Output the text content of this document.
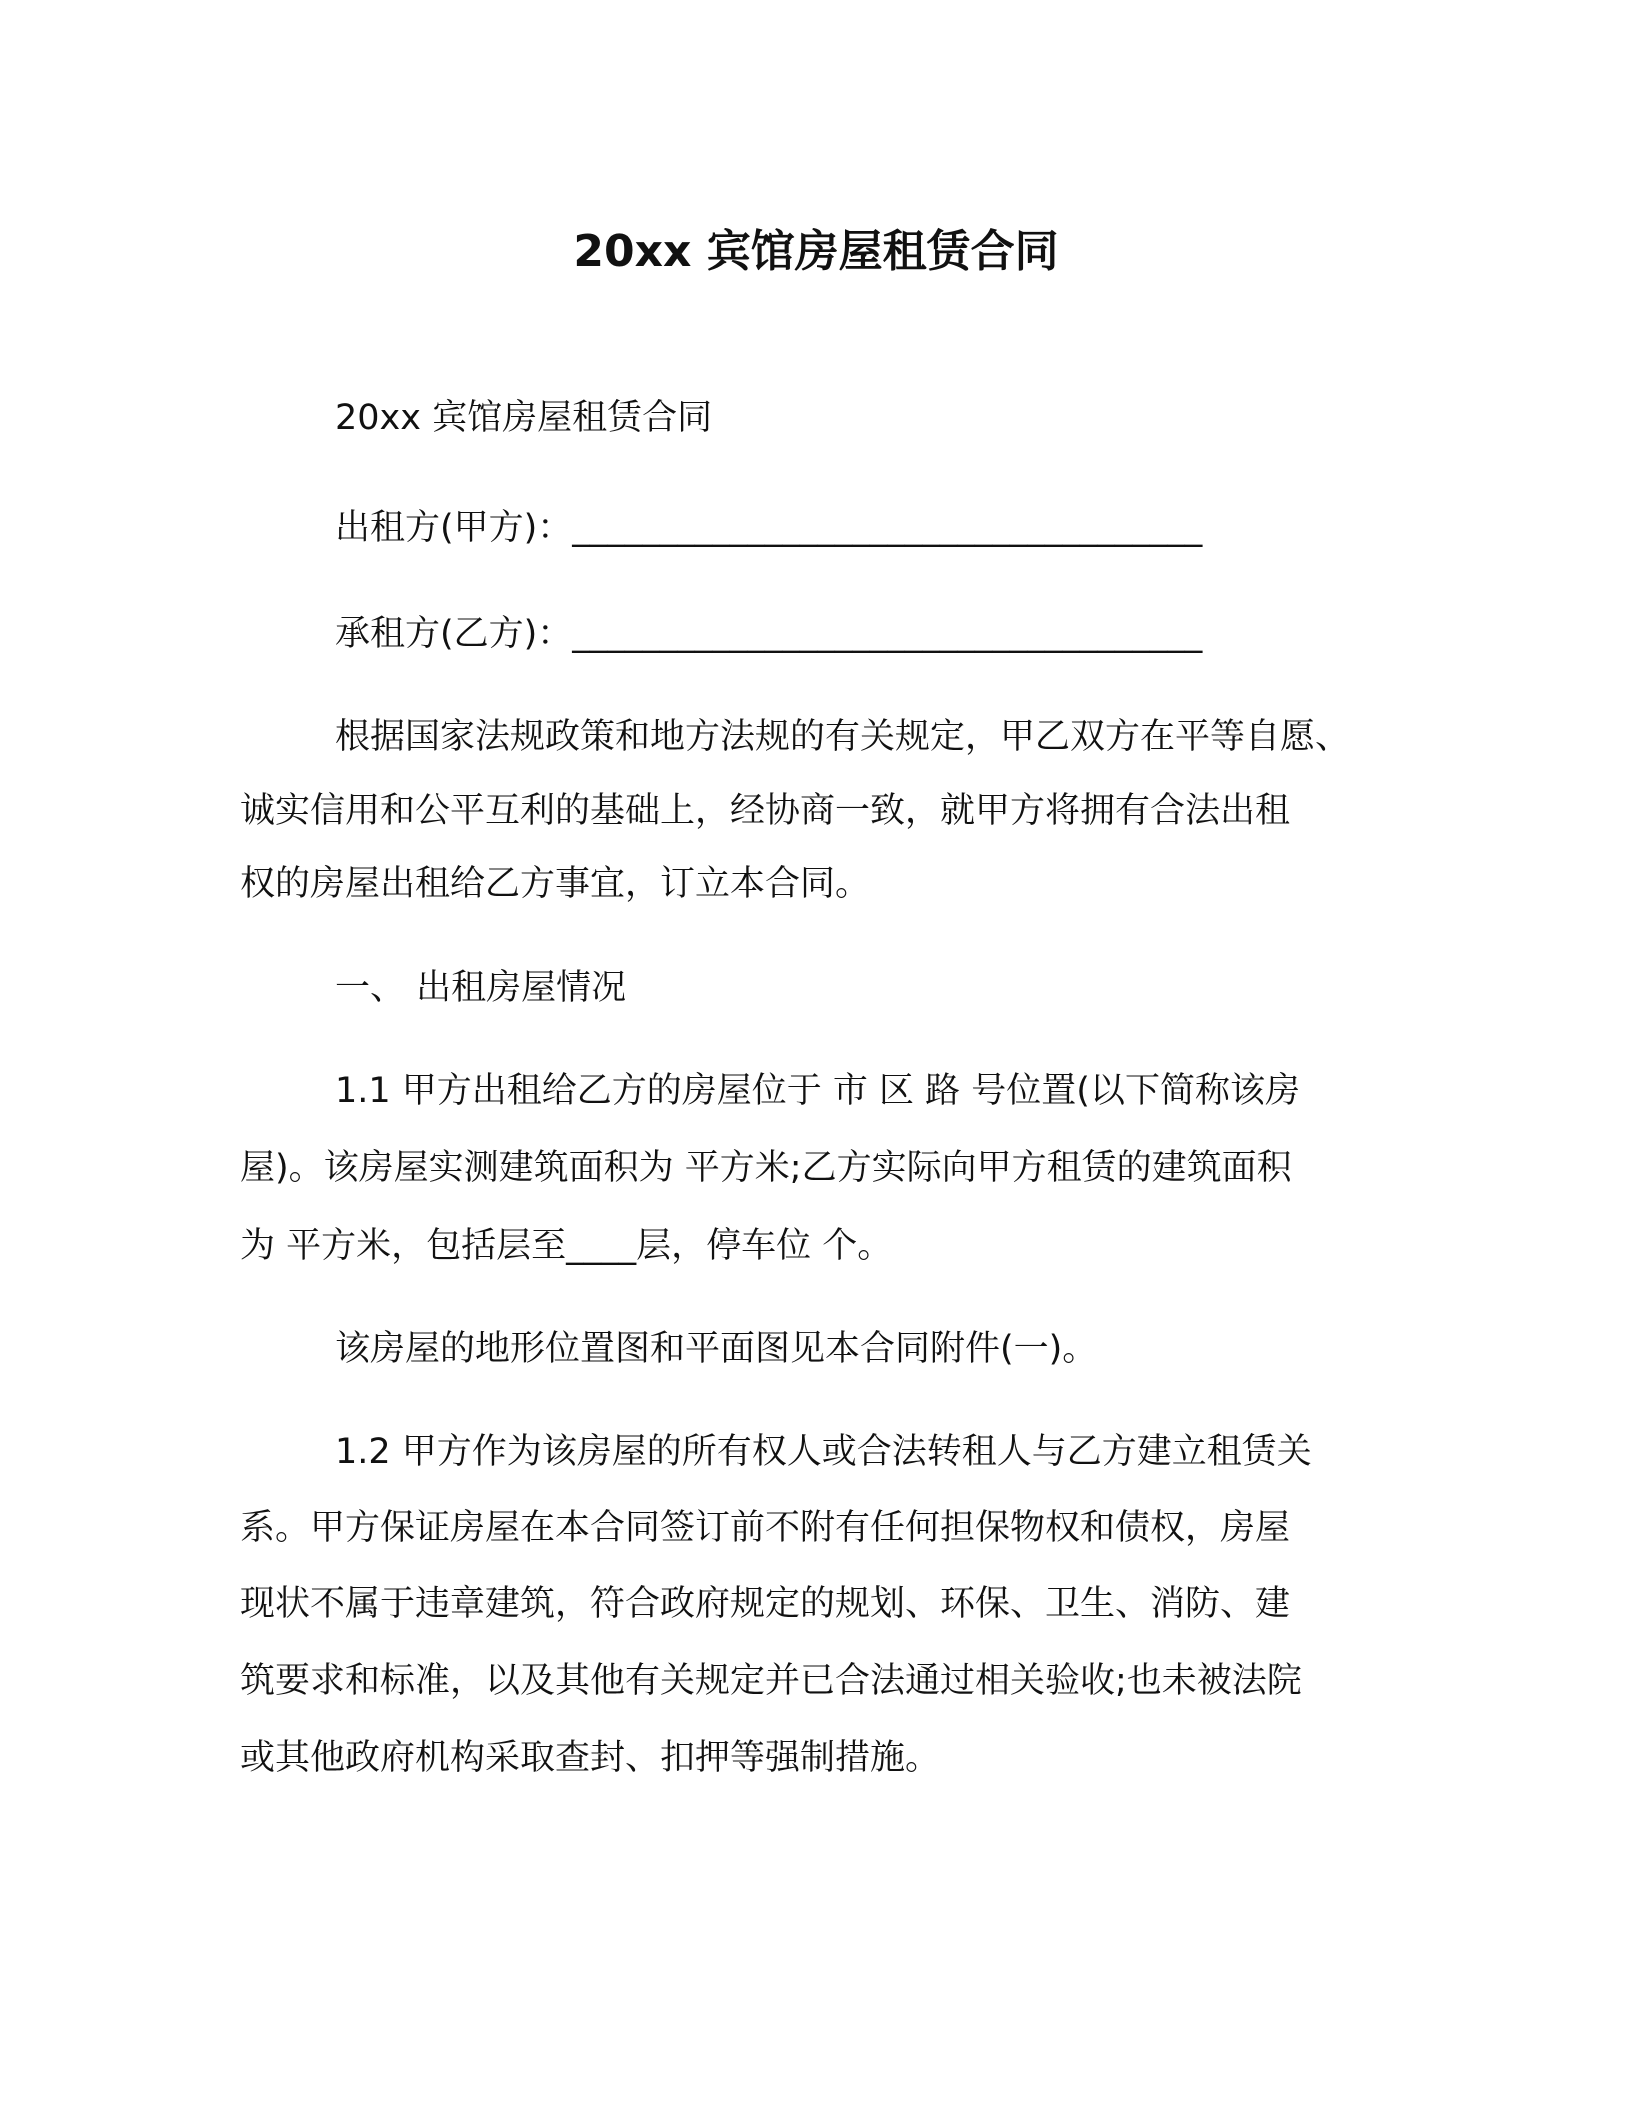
20xx 宾馆房屋租赁合同

20xx 宾馆房屋租赁合同

出租方(甲方)：____________________________________

承租方(乙方)：____________________________________

根据国家法规政策和地方法规的有关规定，甲乙双方在平等自愿、

诚实信用和公平互利的基础上，经协商一致，就甲方将拥有合法出租

权的房屋出租给乙方事宜，订立本合同。

一、 出租房屋情况

1.1 甲方出租给乙方的房屋位于 市 区 路 号位置(以下简称该房

屋)。该房屋实测建筑面积为 平方米;乙方实际向甲方租赁的建筑面积

为 平方米，包括层至____层，停车位 个。

该房屋的地形位置图和平面图见本合同附件(一)。

1.2 甲方作为该房屋的所有权人或合法转租人与乙方建立租赁关

系。甲方保证房屋在本合同签订前不附有任何担保物权和债权，房屋

现状不属于违章建筑，符合政府规定的规划、环保、卫生、消防、建

筑要求和标准，以及其他有关规定并已合法通过相关验收;也未被法院

或其他政府机构采取查封、扣押等强制措施。
